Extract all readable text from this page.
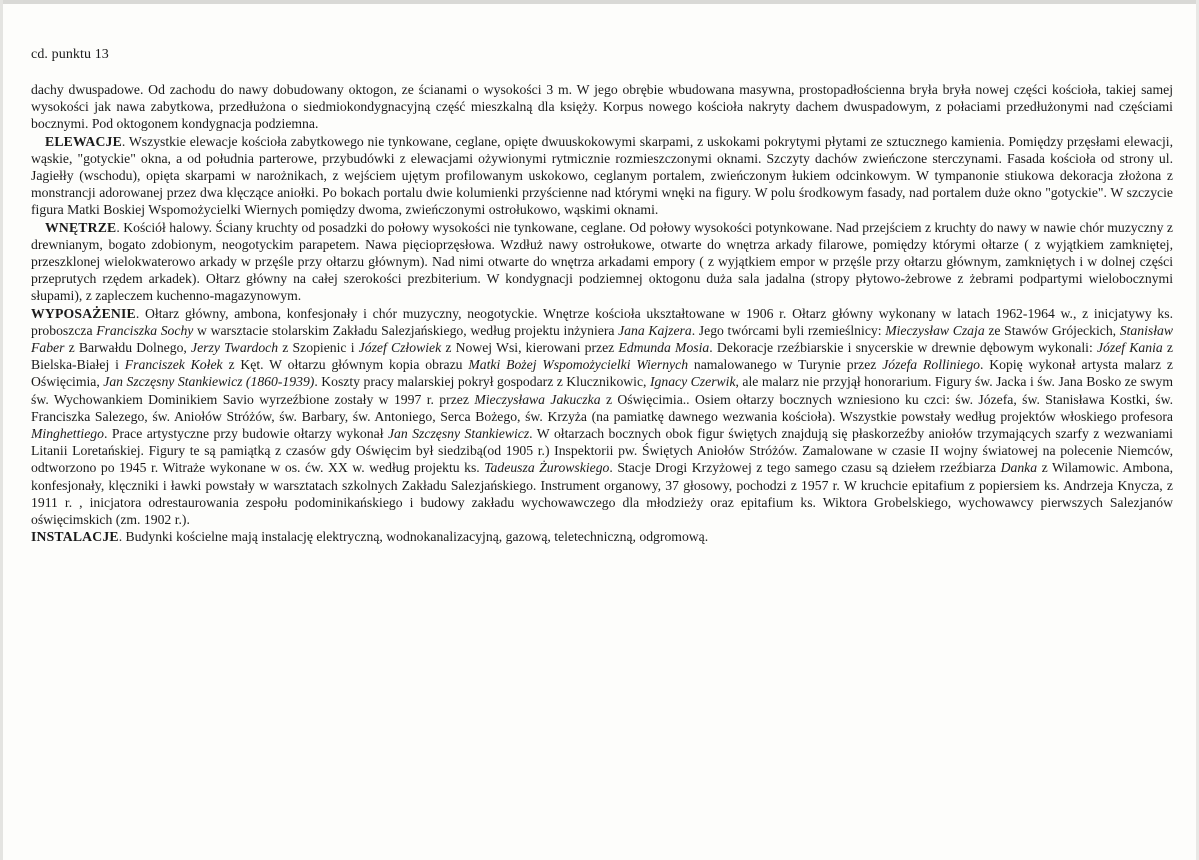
cd. punktu 13

dachy dwuspadowe. Od zachodu do nawy dobudowany oktogon, ze ścianami o wysokości 3 m. W jego obrębie wbudowana masywna, prostopadłościenna bryła bryła nowej części kościoła, takiej samej wysokości jak nawa zabytkowa, przedłużona o siedmiokondygnacyjną część mieszkalną dla księży. Korpus nowego kościoła nakryty dachem dwuspadowym, z połaciami przedłużonymi nad częściami bocznymi. Pod oktogonem kondygnacja podziemna.

ELEWACJE. Wszystkie elewacje kościoła zabytkowego nie tynkowane, ceglane, opięte dwuuskokowymi skarpami, z uskokami pokrytymi płytami ze sztucznego kamienia. Pomiędzy przęsłami elewacji, wąskie, "gotyckie" okna, a od południa parterowe, przybudówki z elewacjami ożywionymi rytmicznie rozmieszczonymi oknami. Szczyty dachów zwieńczone sterczynami. Fasada kościoła od strony ul. Jagiełły (wschodu), opięta skarpami w narożnikach, z wejściem ujętym profilowanym uskokowo, ceglanym portalem, zwieńczonym łukiem odcinkowym. W tympanonie stiukowa dekoracja złożona z monstrancji adorowanej przez dwa klęczące aniołki. Po bokach portalu dwie kolumienki przyścienne nad którymi wnęki na figury. W polu środkowym fasady, nad portalem duże okno "gotyckie". W szczycie figura Matki Boskiej Wspomożycielki Wiernych pomiędzy dwoma, zwieńczonymi ostrołukowo, wąskimi oknami.

WNĘTRZE. Kościół halowy. Ściany kruchty od posadzki do połowy wysokości nie tynkowane, ceglane. Od połowy wysokości potynkowane. Nad przejściem z kruchty do nawy w nawie chór muzyczny z drewnianym, bogato zdobionym, neogotyckim parapetem. Nawa pięcioprzęsłowa. Wzdłuż nawy ostrołukowe, otwarte do wnętrza arkady filarowe, pomiędzy którymi ołtarze ( z wyjątkiem zamkniętej, przeszklonej wielokwaterowo arkady w przęśle przy ołtarzu głównym). Nad nimi otwarte do wnętrza arkadami empory ( z wyjątkiem empor w przęśle przy ołtarzu głównym, zamkniętych i w dolnej części przeprutych rzędem arkadek). Ołtarz główny na całej szerokości prezbiterium. W kondygnacji podziemnej oktogonu duża sala jadalna (stropy płytowo-żebrowe z żebrami podpartymi wielobocznymi słupami), z zapleczem kuchenno-magazynowym.

WYPOSAŻENIE. Ołtarz główny, ambona, konfesjonały i chór muzyczny, neogotyckie. Wnętrze kościoła ukształtowane w 1906 r. Ołtarz główny wykonany w latach 1962-1964 w., z inicjatywy ks. proboszcza Franciszka Sochy w warsztacie stolarskim Zakładu Salezjańskiego, według projektu inżyniera Jana Kajzera. Jego twórcami byli rzemieślnicy: Mieczysław Czaja ze Stawów Grójeckich, Stanisław Faber z Barwałdu Dolnego, Jerzy Twardoch z Szopienic i Józef Człowiek z Nowej Wsi, kierowani przez Edmunda Mosia. Dekoracje rzeźbiarskie i snycerskie w drewnie dębowym wykonali: Józef Kania z Bielska-Białej i Franciszek Kołek z Kęt. W ołtarzu głównym kopia obrazu Matki Bożej Wspomożycielki Wiernych namalowanego w Turynie przez Józefa Rolliniego. Kopię wykonał artysta malarz z Oświęcimia, Jan Szczęsny Stankiewicz (1860-1939). Koszty pracy malarskiej pokrył gospodarz z Klucznikowic, Ignacy Czerwik, ale malarz nie przyjął honorarium. Figury św. Jacka i św. Jana Bosko ze swym św. Wychowankiem Dominikiem Savio wyrzeźbione zostały w 1997 r. przez Mieczysława Jakuczka z Oświęcimia.. Osiem ołtarzy bocznych wzniesiono ku czci: św. Józefa, św. Stanisława Kostki, św. Franciszka Salezego, św. Aniołów Stróżów, św. Barbary, św. Antoniego, Serca Bożego, św. Krzyża (na pamiatkę dawnego wezwania kościoła). Wszystkie powstały według projektów włoskiego profesora Minghettiego. Prace artystyczne przy budowie ołtarzy wykonał Jan Szczęsny Stankiewicz. W ołtarzach bocznych obok figur świętych znajdują się płaskorzeźby aniołów trzymających szarfy z wezwaniami Litanii Loretańskiej. Figury te są pamiątką z czasów gdy Oświęcim był siedzibą(od 1905 r.) Inspektorii pw. Świętych Aniołów Stróżów. Zamalowane w czasie II wojny światowej na polecenie Niemców, odtworzono po 1945 r. Witraże wykonane w os. ćw. XX w. według projektu ks. Tadeusza Żurowskiego. Stacje Drogi Krzyżowej z tego samego czasu są dziełem rzeźbiarza Danka z Wilamowic. Ambona, konfesjonały, klęczniki i ławki powstały w warsztatach szkolnych Zakładu Salezjańskiego. Instrument organowy, 37 głosowy, pochodzi z 1957 r. W kruchcie epitafium z popiersiem ks. Andrzeja Knycza, z 1911 r. , inicjatora odrestaurowania zespołu podominikańskiego i budowy zakładu wychowawczego dla młodzieży oraz epitafium ks. Wiktora Grobelskiego, wychowawcy pierwszych Salezjanów oświęcimskich (zm. 1902 r.).

INSTALACJE. Budynki kościelne mają instalację elektryczną, wodnokanalizacyjną, gazową, teletechniczną, odgromową.
